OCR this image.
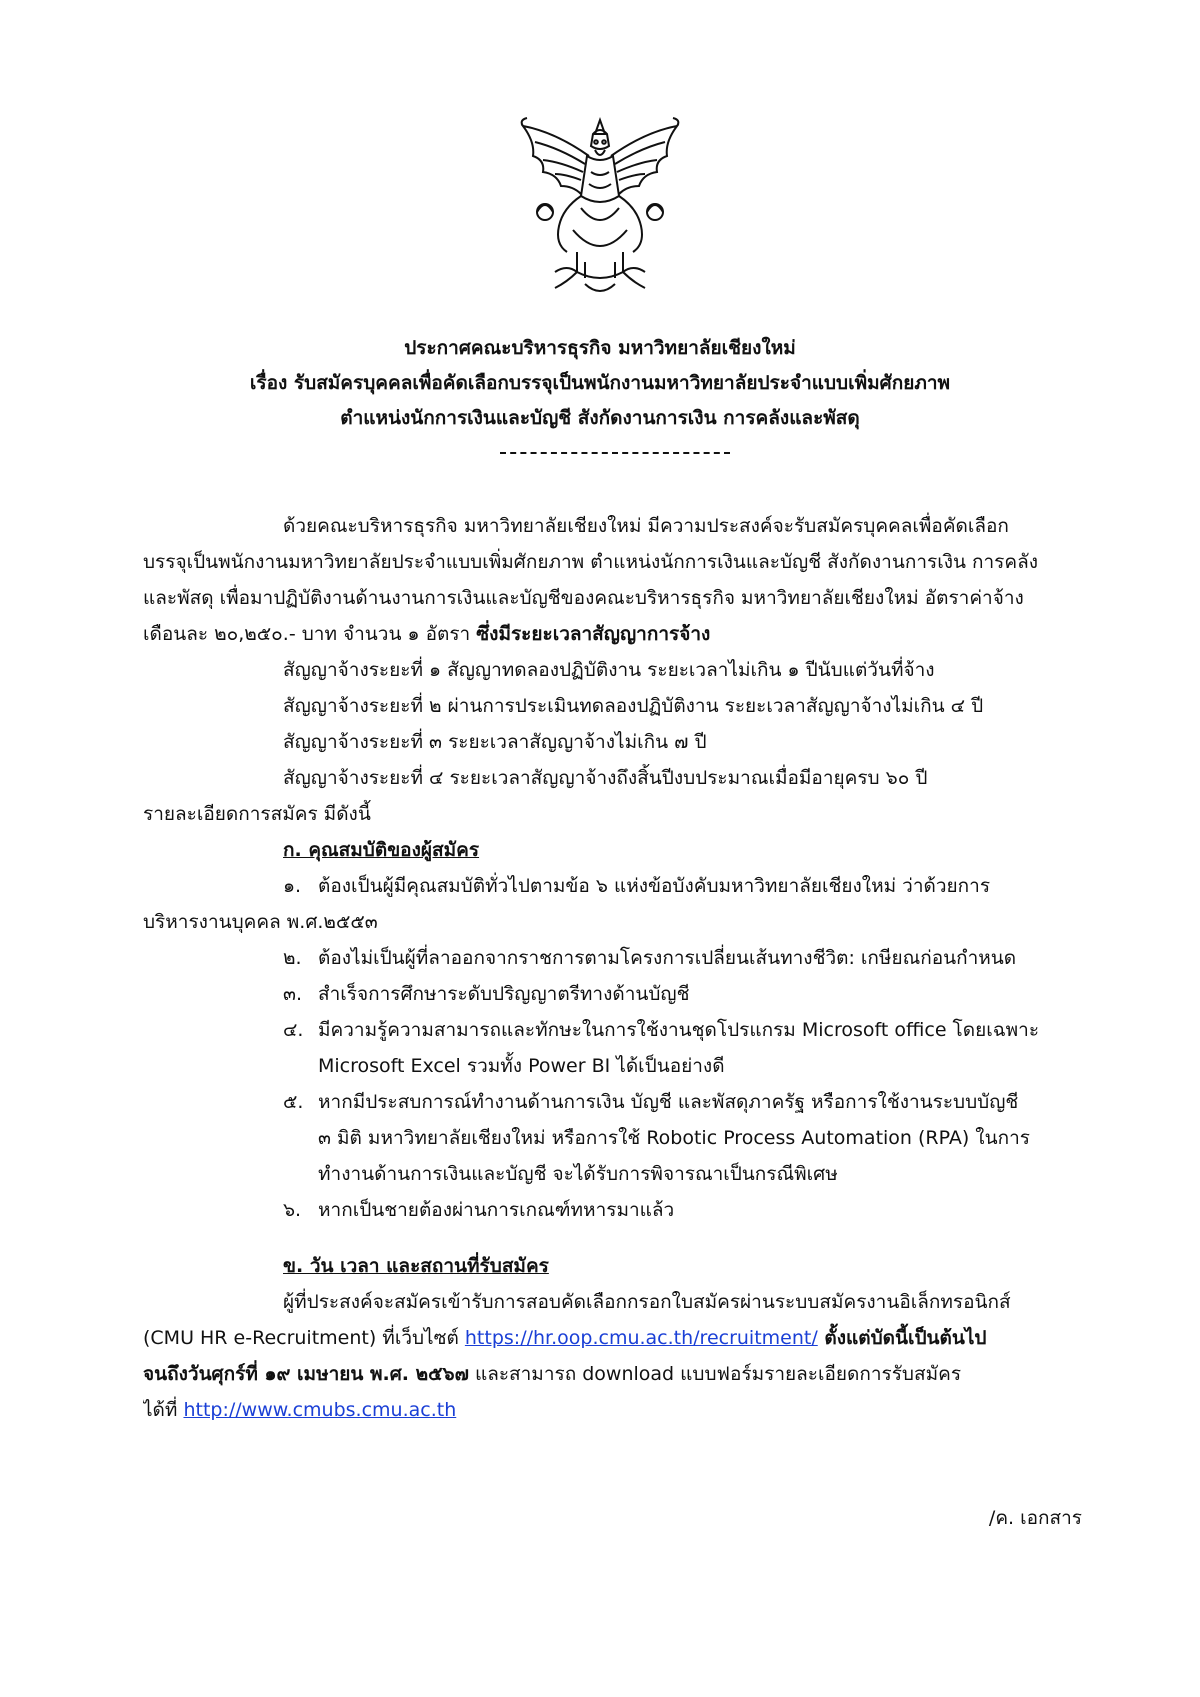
ประกาศคณะบริหารธุรกิจ มหาวิทยาลัยเชียงใหม่
เรื่อง รับสมัครบุคคลเพื่อคัดเลือกบรรจุเป็นพนักงานมหาวิทยาลัยประจำแบบเพิ่มศักยภาพ
ตำแหน่งนักการเงินและบัญชี สังกัดงานการเงิน การคลังและพัสดุ
ด้วยคณะบริหารธุรกิจ มหาวิทยาลัยเชียงใหม่ มีความประสงค์จะรับสมัครบุคคลเพื่อคัดเลือก
บรรจุเป็นพนักงานมหาวิทยาลัยประจำแบบเพิ่มศักยภาพ ตำแหน่งนักการเงินและบัญชี สังกัดงานการเงิน การคลัง
และพัสดุ เพื่อมาปฏิบัติงานด้านงานการเงินและบัญชีของคณะบริหารธุรกิจ มหาวิทยาลัยเชียงใหม่ อัตราค่าจ้าง
เดือนละ ๒๐,๒๕๐.- บาท จำนวน ๑ อัตรา ซึ่งมีระยะเวลาสัญญาการจ้าง
สัญญาจ้างระยะที่ ๑ สัญญาทดลองปฏิบัติงาน ระยะเวลาไม่เกิน ๑ ปีนับแต่วันที่จ้าง
สัญญาจ้างระยะที่ ๒ ผ่านการประเมินทดลองปฏิบัติงาน ระยะเวลาสัญญาจ้างไม่เกิน ๔ ปี
สัญญาจ้างระยะที่ ๓ ระยะเวลาสัญญาจ้างไม่เกิน ๗ ปี
สัญญาจ้างระยะที่ ๔ ระยะเวลาสัญญาจ้างถึงสิ้นปีงบประมาณเมื่อมีอายุครบ ๖๐ ปี
รายละเอียดการสมัคร มีดังนี้
ก. คุณสมบัติของผู้สมัคร
๑. ต้องเป็นผู้มีคุณสมบัติทั่วไปตามข้อ ๖ แห่งข้อบังคับมหาวิทยาลัยเชียงใหม่ ว่าด้วยการ
บริหารงานบุคคล พ.ศ.๒๕๕๓
๒. ต้องไม่เป็นผู้ที่ลาออกจากราชการตามโครงการเปลี่ยนเส้นทางชีวิต: เกษียณก่อนกำหนด
๓. สำเร็จการศึกษาระดับปริญญาตรีทางด้านบัญชี
๔. มีความรู้ความสามารถและทักษะในการใช้งานชุดโปรแกรม Microsoft office โดยเฉพาะ
Microsoft Excel รวมทั้ง Power BI ได้เป็นอย่างดี
๕. หากมีประสบการณ์ทำงานด้านการเงิน บัญชี และพัสดุภาครัฐ หรือการใช้งานระบบบัญชี
๓ มิติ มหาวิทยาลัยเชียงใหม่ หรือการใช้ Robotic Process Automation (RPA) ในการ
ทำงานด้านการเงินและบัญชี จะได้รับการพิจารณาเป็นกรณีพิเศษ
๖. หากเป็นชายต้องผ่านการเกณฑ์ทหารมาแล้ว
ข. วัน เวลา และสถานที่รับสมัคร
ผู้ที่ประสงค์จะสมัครเข้ารับการสอบคัดเลือกกรอกใบสมัครผ่านระบบสมัครงานอิเล็กทรอนิกส์
(CMU HR e-Recruitment) ที่เว็บไซต์ https://hr.oop.cmu.ac.th/recruitment/ ตั้งแต่บัดนี้เป็นต้นไป
จนถึงวันศุกร์ที่ ๑๙ เมษายน พ.ศ. ๒๕๖๗ และสามารถ download แบบฟอร์มรายละเอียดการรับสมัคร
ได้ที่ http://www.cmubs.cmu.ac.th
/ค. เอกสาร
